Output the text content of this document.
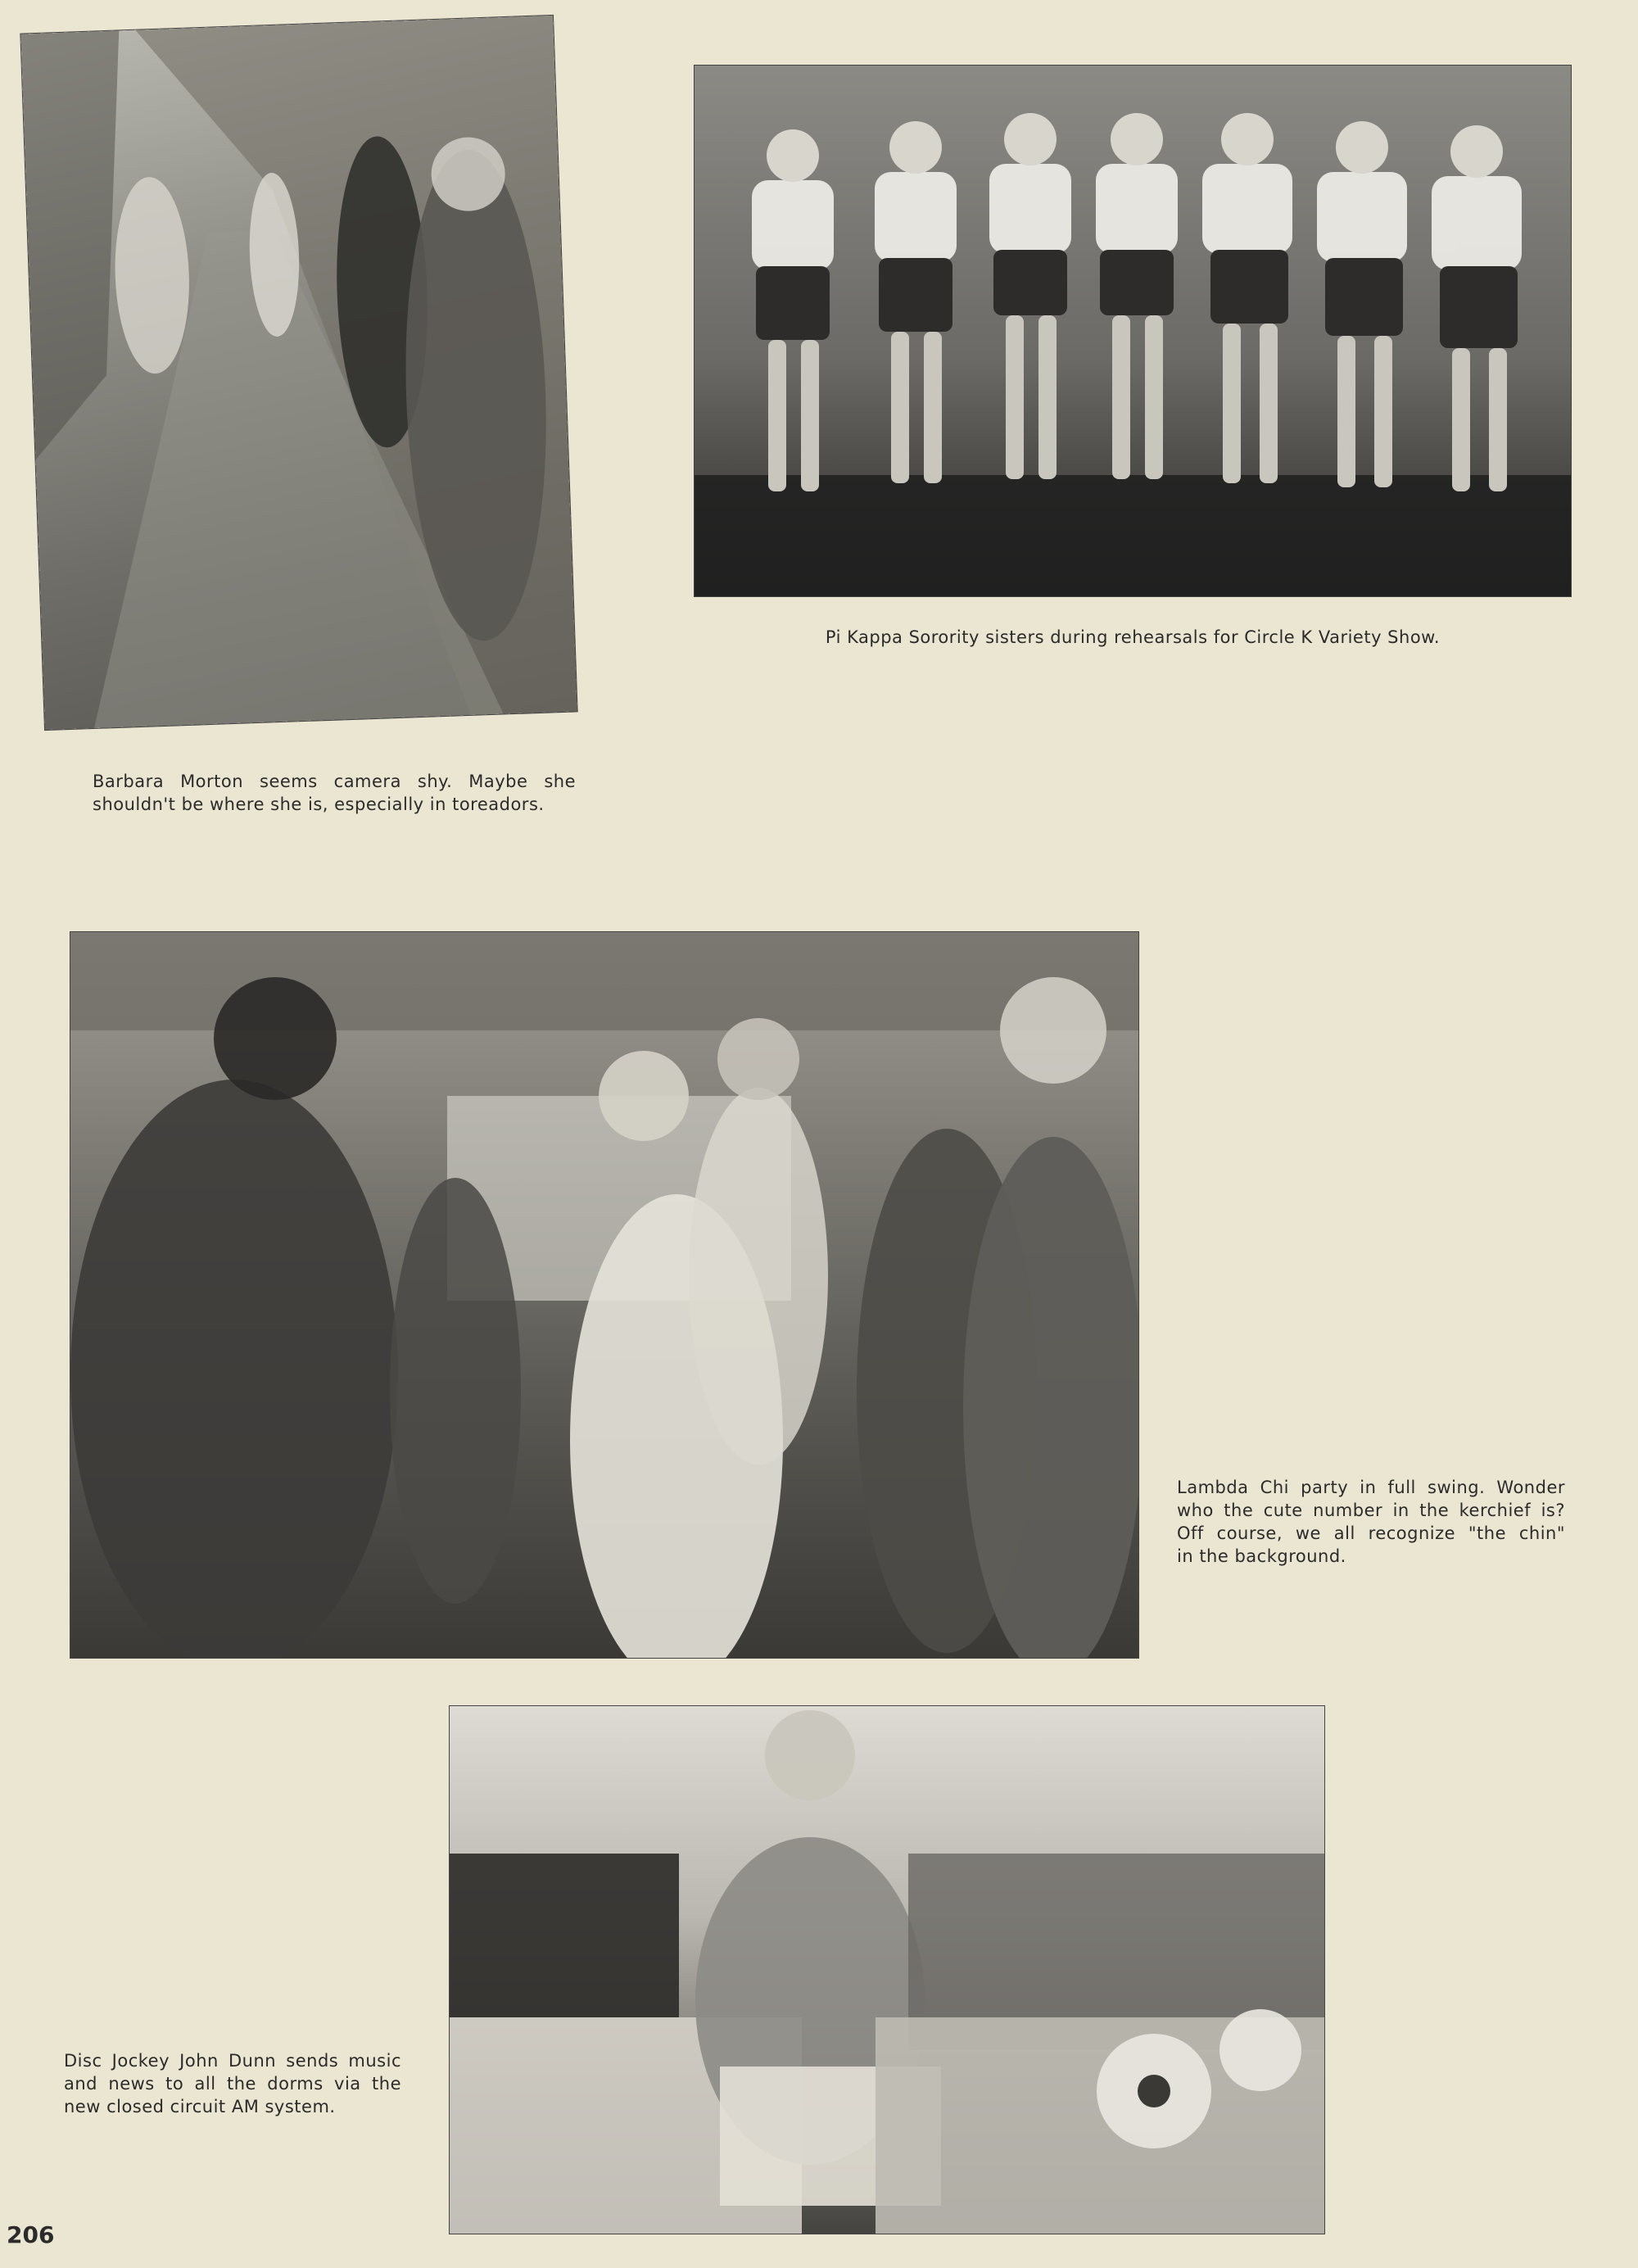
Barbara Morton seems camera shy. Maybe she

shouldn't be where she is, especially in toreadors.

Pi Kappa Sorority sisters during rehearsals for Circle K Variety Show.

Lambda Chi party in full swing. Wonder

who the cute number in the kerchief is?

Off course, we all recognize "the chin"

in the background.

Disc Jockey John Dunn sends music

and news to all the dorms via the

new closed circuit AM system.

206
